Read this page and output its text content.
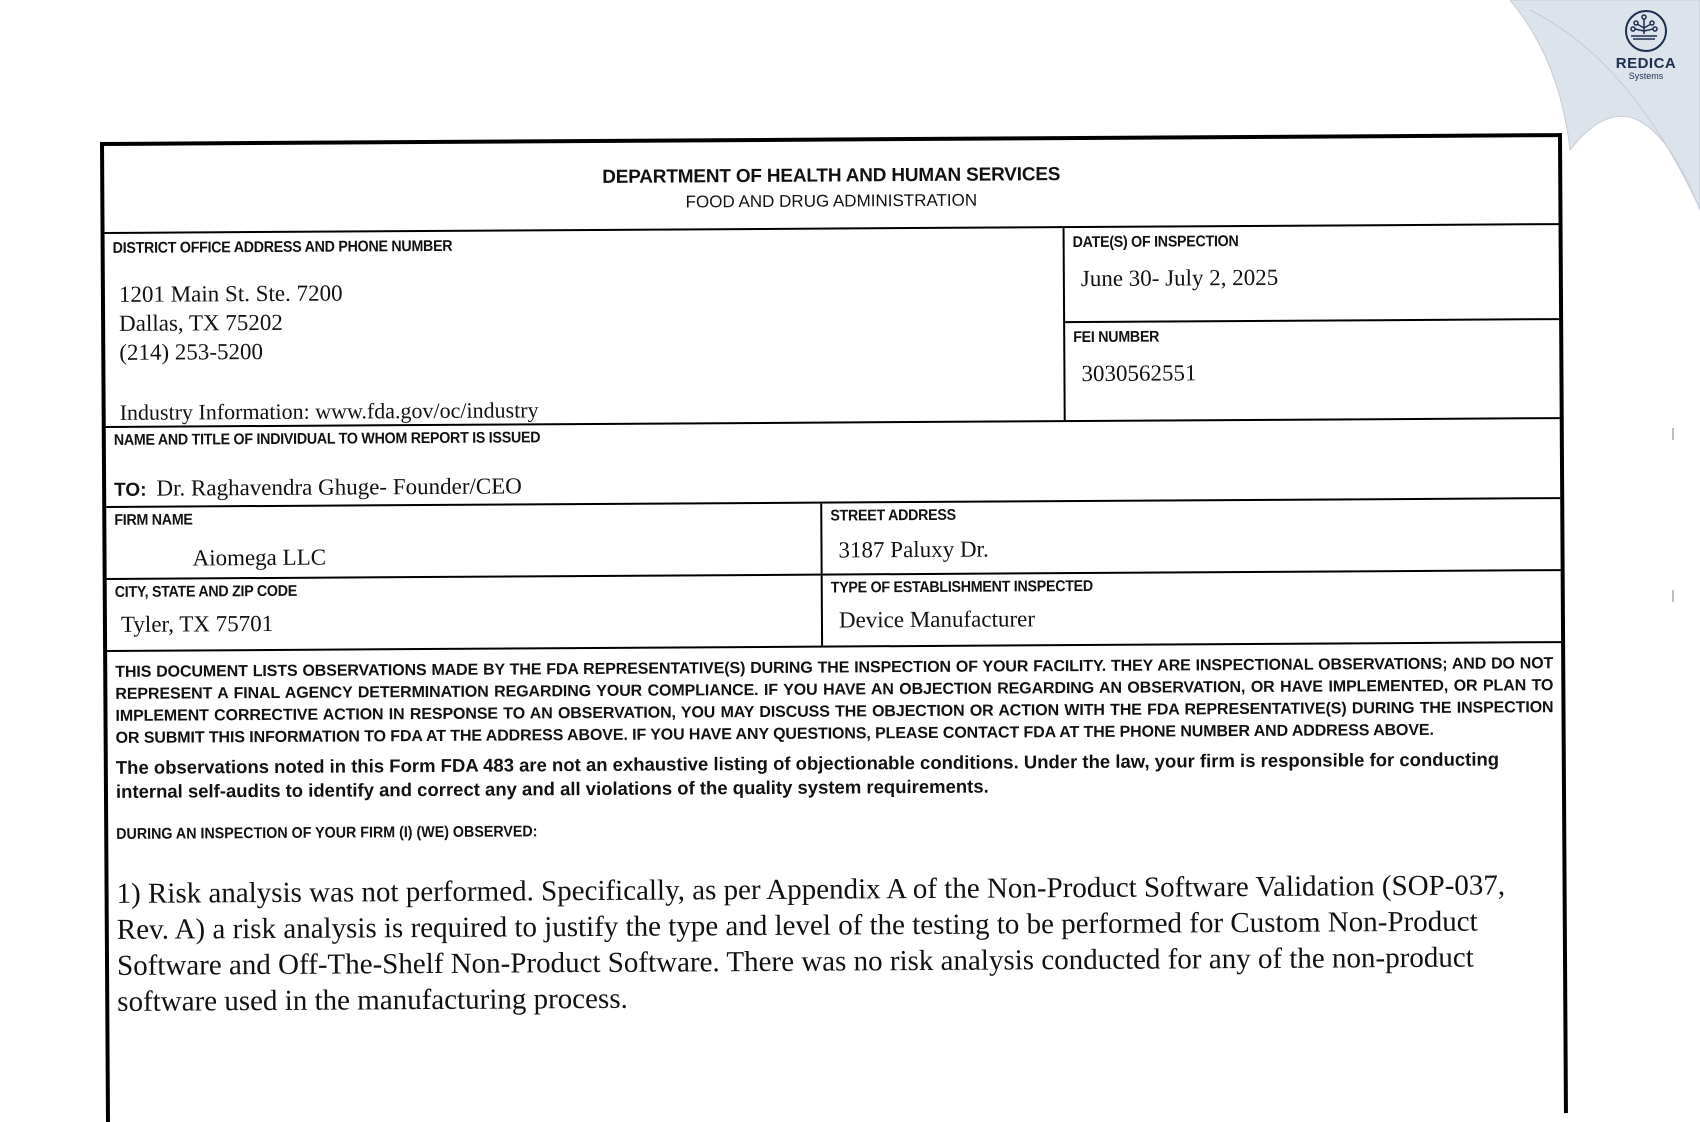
REDICA
Systems
DEPARTMENT OF HEALTH AND HUMAN SERVICES
FOOD AND DRUG ADMINISTRATION
DISTRICT OFFICE ADDRESS AND PHONE NUMBER
1201 Main St. Ste. 7200
Dallas, TX 75202
(214) 253-5200
Industry Information: www.fda.gov/oc/industry
DATE(S) OF INSPECTION
June 30- July 2, 2025
FEI NUMBER
3030562551
NAME AND TITLE OF INDIVIDUAL TO WHOM REPORT IS ISSUED
TO: Dr. Raghavendra Ghuge- Founder/CEO
FIRM NAME
Aiomega LLC
STREET ADDRESS
3187 Paluxy Dr.
CITY, STATE AND ZIP CODE
Tyler, TX 75701
TYPE OF ESTABLISHMENT INSPECTED
Device Manufacturer
THIS DOCUMENT LISTS OBSERVATIONS MADE BY THE FDA REPRESENTATIVE(S) DURING THE INSPECTION OF YOUR FACILITY. THEY ARE INSPECTIONAL OBSERVATIONS; AND DO NOT REPRESENT A FINAL AGENCY DETERMINATION REGARDING YOUR COMPLIANCE. IF YOU HAVE AN OBJECTION REGARDING AN OBSERVATION, OR HAVE IMPLEMENTED, OR PLAN TO IMPLEMENT CORRECTIVE ACTION IN RESPONSE TO AN OBSERVATION, YOU MAY DISCUSS THE OBJECTION OR ACTION WITH THE FDA REPRESENTATIVE(S) DURING THE INSPECTION OR SUBMIT THIS INFORMATION TO FDA AT THE ADDRESS ABOVE. IF YOU HAVE ANY QUESTIONS, PLEASE CONTACT FDA AT THE PHONE NUMBER AND ADDRESS ABOVE.
The observations noted in this Form FDA 483 are not an exhaustive listing of objectionable conditions. Under the law, your firm is responsible for conducting internal self-audits to identify and correct any and all violations of the quality system requirements.
DURING AN INSPECTION OF YOUR FIRM (I) (WE) OBSERVED:
1) Risk analysis was not performed. Specifically, as per Appendix A of the Non-Product Software Validation (SOP-037, Rev. A) a risk analysis is required to justify the type and level of the testing to be performed for Custom Non-Product Software and Off-The-Shelf Non-Product Software. There was no risk analysis conducted for any of the non-product software used in the manufacturing process.
